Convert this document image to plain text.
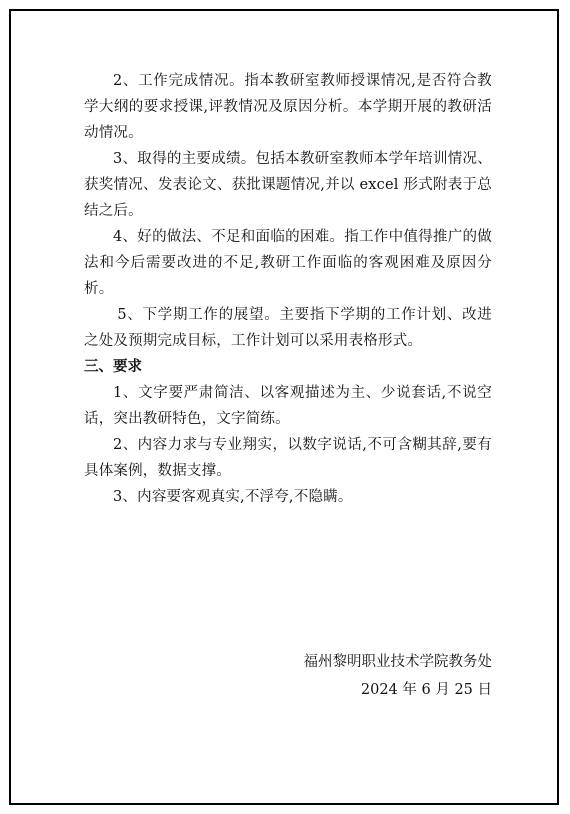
2、工作完成情况。指本教研室教师授课情况,是否符合教学大纲的要求授课,评教情况及原因分析。本学期开展的教研活动情况。

3、取得的主要成绩。包括本教研室教师本学年培训情况、获奖情况、发表论文、获批课题情况,并以 excel 形式附表于总结之后。

4、好的做法、不足和面临的困难。指工作中值得推广的做法和今后需要改进的不足,教研工作面临的客观困难及原因分析。

5、下学期工作的展望。主要指下学期的工作计划、改进之处及预期完成目标，工作计划可以采用表格形式。

三、要求

1、文字要严肃简洁、以客观描述为主、少说套话,不说空话，突出教研特色，文字简练。

2、内容力求与专业翔实，以数字说话,不可含糊其辞,要有具体案例，数据支撑。

3、内容要客观真实,不浮夸,不隐瞒。

福州黎明职业技术学院教务处
2024 年 6 月 25 日
